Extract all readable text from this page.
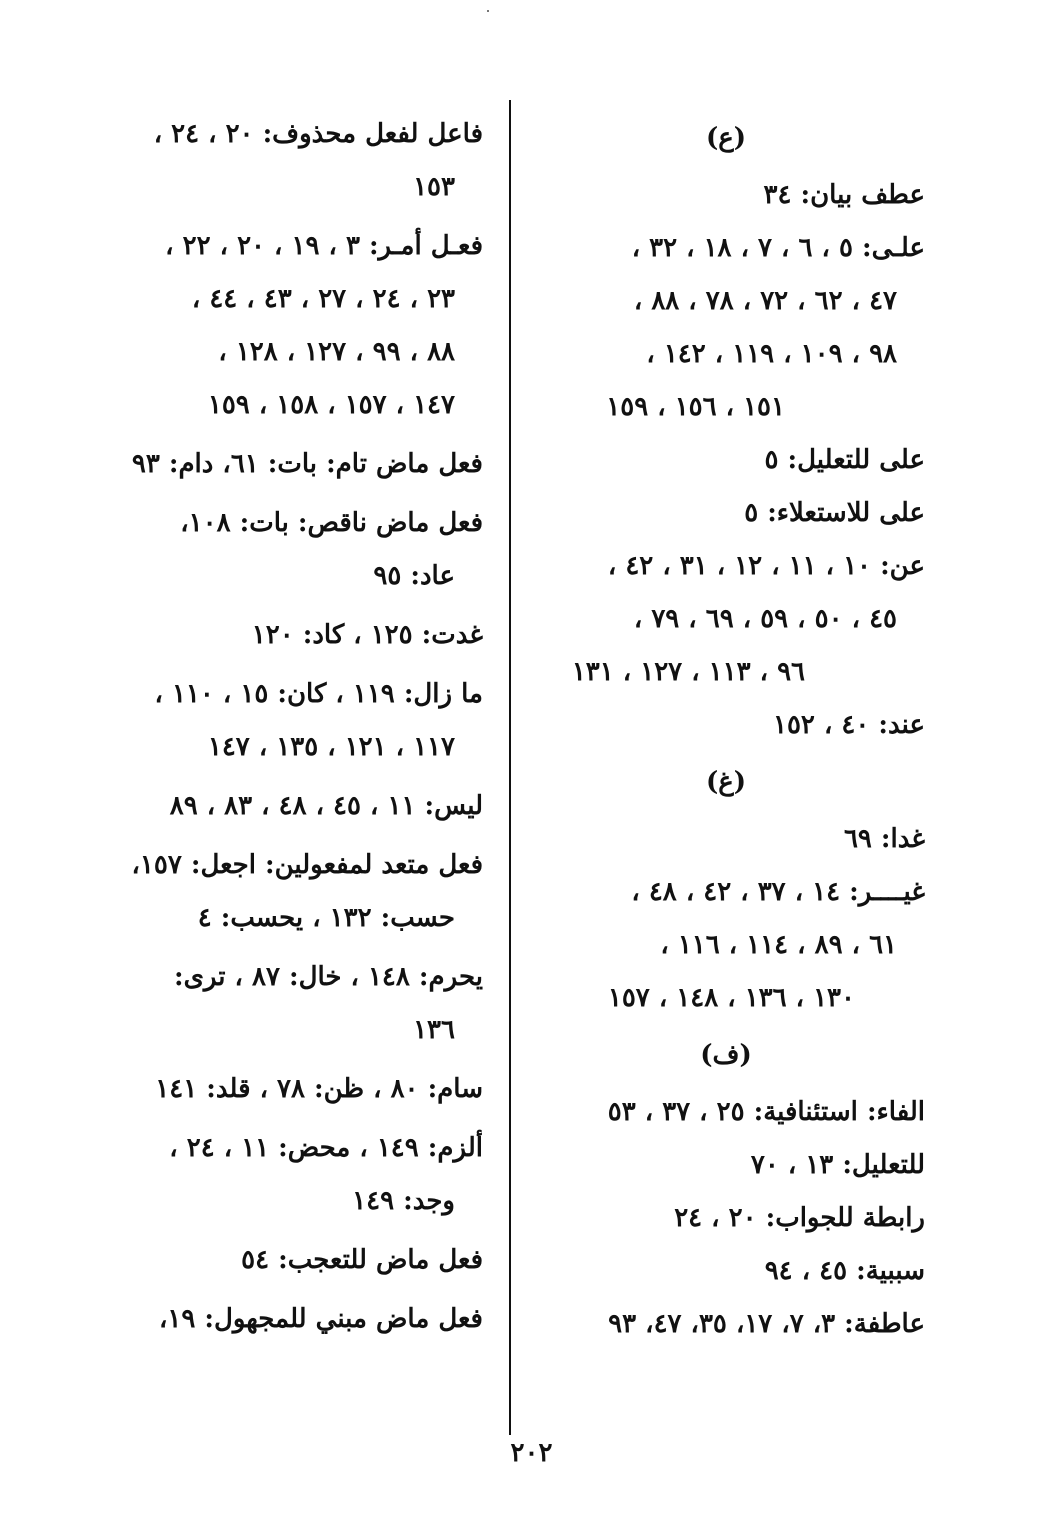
(ع)
عطف بيان: ٣٤
علـى: ٥ ، ٦ ، ٧ ، ١٨ ، ٣٢ ،
٤٧ ، ٦٢ ، ٧٢ ، ٧٨ ، ٨٨ ،
٩٨ ، ١٠٩ ، ١١٩ ، ١٤٢ ،
١٥١ ، ١٥٦ ، ١٥٩
على للتعليل: ٥
على للاستعلاء: ٥
عن: ١٠ ، ١١ ، ١٢ ، ٣١ ، ٤٢ ،
٤٥ ، ٥٠ ، ٥٩ ، ٦٩ ، ٧٩ ،
٩٦ ، ١١٣ ، ١٢٧ ، ١٣١
عند: ٤٠ ، ١٥٢
(غ)
غدا: ٦٩
غيــــر: ١٤ ، ٣٧ ، ٤٢ ، ٤٨ ،
٦١ ، ٨٩ ، ١١٤ ، ١١٦ ،
١٣٠ ، ١٣٦ ، ١٤٨ ، ١٥٧
(ف)
الفاء: استئنافية: ٢٥ ، ٣٧ ، ٥٣
للتعليل: ١٣ ، ٧٠
رابطة للجواب: ٢٠ ، ٢٤
سببية: ٤٥ ، ٩٤
عاطفة: ٣، ٧، ١٧، ٣٥، ٤٧، ٩٣
فاعل لفعل محذوف: ٢٠ ، ٢٤ ،
١٥٣
فعـل أمـر: ٣ ، ١٩ ، ٢٠ ، ٢٢ ،
٢٣ ، ٢٤ ، ٢٧ ، ٤٣ ، ٤٤ ،
٨٨ ، ٩٩ ، ١٢٧ ، ١٢٨ ،
١٤٧ ، ١٥٧ ، ١٥٨ ، ١٥٩
فعل ماض تام: بات: ٦١، دام: ٩٣
فعل ماض ناقص: بات: ١٠٨،
عاد: ٩٥
غدت: ١٢٥ ، كاد: ١٢٠
ما زال: ١١٩ ، كان: ١٥ ، ١١٠ ،
١١٧ ، ١٢١ ، ١٣٥ ، ١٤٧
ليس: ١١ ، ٤٥ ، ٤٨ ، ٨٣ ، ٨٩
فعل متعد لمفعولين: اجعل: ١٥٧،
حسب: ١٣٢ ، يحسب: ٤
يحرم: ١٤٨ ، خال: ٨٧ ، ترى:
١٣٦
سام: ٨٠ ، ظن: ٧٨ ، قلد: ١٤١
ألزم: ١٤٩ ، محض: ١١ ، ٢٤ ،
وجد: ١٤٩
فعل ماض للتعجب: ٥٤
فعل ماض مبني للمجهول: ١٩،
٢٠٢
